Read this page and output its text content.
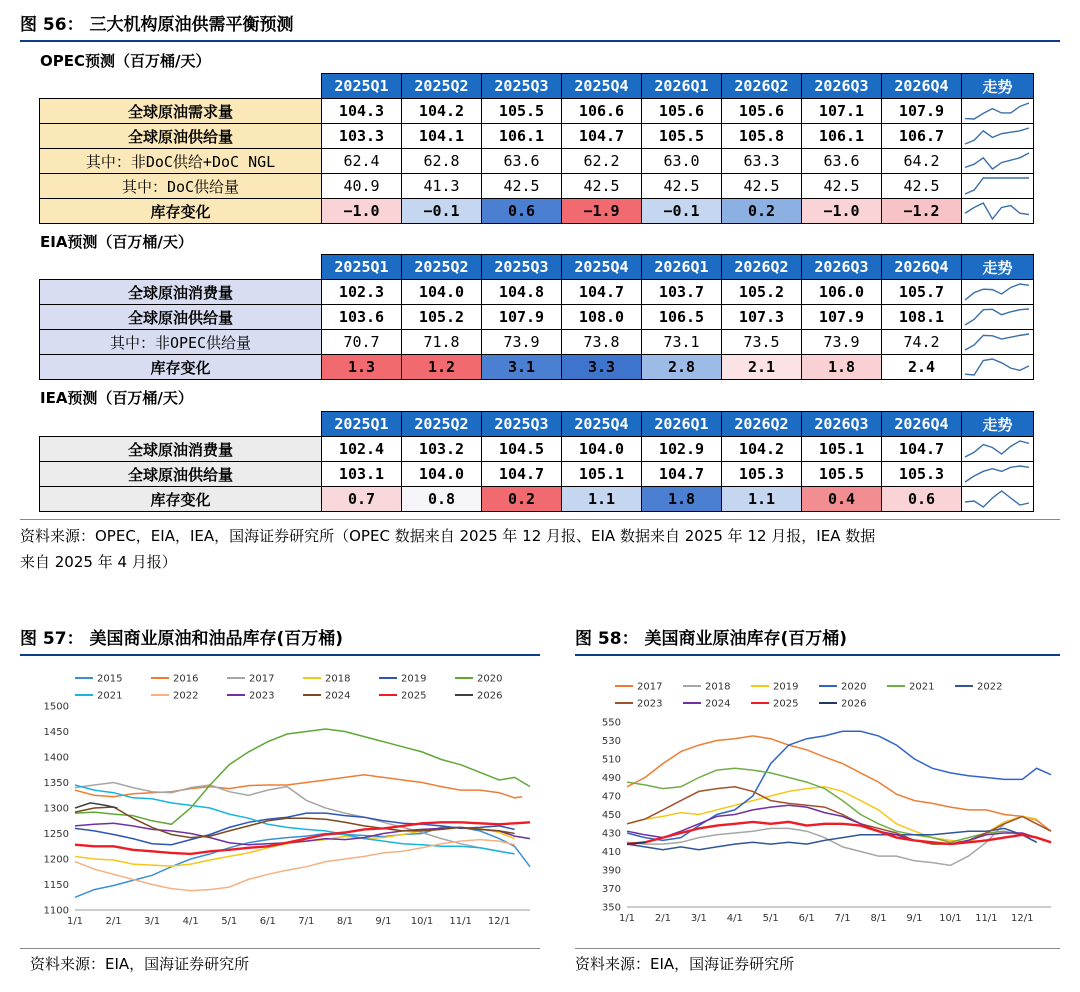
图 56： 三大机构原油供需平衡预测
OPEC预测（百万桶/天）
	2025Q1	2025Q2	2025Q3	2025Q4	2026Q1	2026Q2	2026Q3	2026Q4	走势
全球原油需求量	104.3	104.2	105.5	106.6	105.6	105.6	107.1	107.9	

全球原油供给量	103.3	104.1	106.1	104.7	105.5	105.8	106.1	106.7	

其中：非DoC供给+DoC NGL	62.4	62.8	63.6	62.2	63.0	63.3	63.6	64.2	

其中：DoC供给量	40.9	41.3	42.5	42.5	42.5	42.5	42.5	42.5	

库存变化	−1.0	−0.1	0.6	−1.9	−0.1	0.2	−1.0	−1.2	
EIA预测（百万桶/天）
	2025Q1	2025Q2	2025Q3	2025Q4	2026Q1	2026Q2	2026Q3	2026Q4	走势
全球原油消费量	102.3	104.0	104.8	104.7	103.7	105.2	106.0	105.7	

全球原油供给量	103.6	105.2	107.9	108.0	106.5	107.3	107.9	108.1	

其中：非OPEC供给量	70.7	71.8	73.9	73.8	73.1	73.5	73.9	74.2	

库存变化	1.3	1.2	3.1	3.3	2.8	2.1	1.8	2.4	
IEA预测（百万桶/天）
	2025Q1	2025Q2	2025Q3	2025Q4	2026Q1	2026Q2	2026Q3	2026Q4	走势
全球原油消费量	102.4	103.2	104.5	104.0	102.9	104.2	105.1	104.7	

全球原油供给量	103.1	104.0	104.7	105.1	104.7	105.3	105.5	105.3	

库存变化	0.7	0.8	0.2	1.1	1.8	1.1	0.4	0.6	
资料来源：OPEC，EIA，IEA，国海证券研究所（OPEC 数据来自 2025 年 12 月报、EIA 数据来自 2025 年 12 月报，IEA 数据
来自 2025 年 4 月报）
图 57： 美国商业原油和油品库存(百万桶)
1100
1150
1200
1250
1300
1350
1400
1450
1500
1/1 2/1 3/1 4/1 5/1 6/1 7/1 8/1 9/1 10/1 11/1 12/1
2015	2016	2017	2018	2019	2020
2021	2022	2023	2024	2025	2026
资料来源：EIA，国海证券研究所
图 58： 美国商业原油库存(百万桶)
350
370
390
410
430
450
470
490
510
530
550
1/1 2/1 3/1 4/1 5/1 6/1 7/1 8/1 9/1 10/1 11/1 12/1
2017	2018	2019	2020	2021	2022
2023	2024	2025	2026
资料来源：EIA，国海证券研究所
